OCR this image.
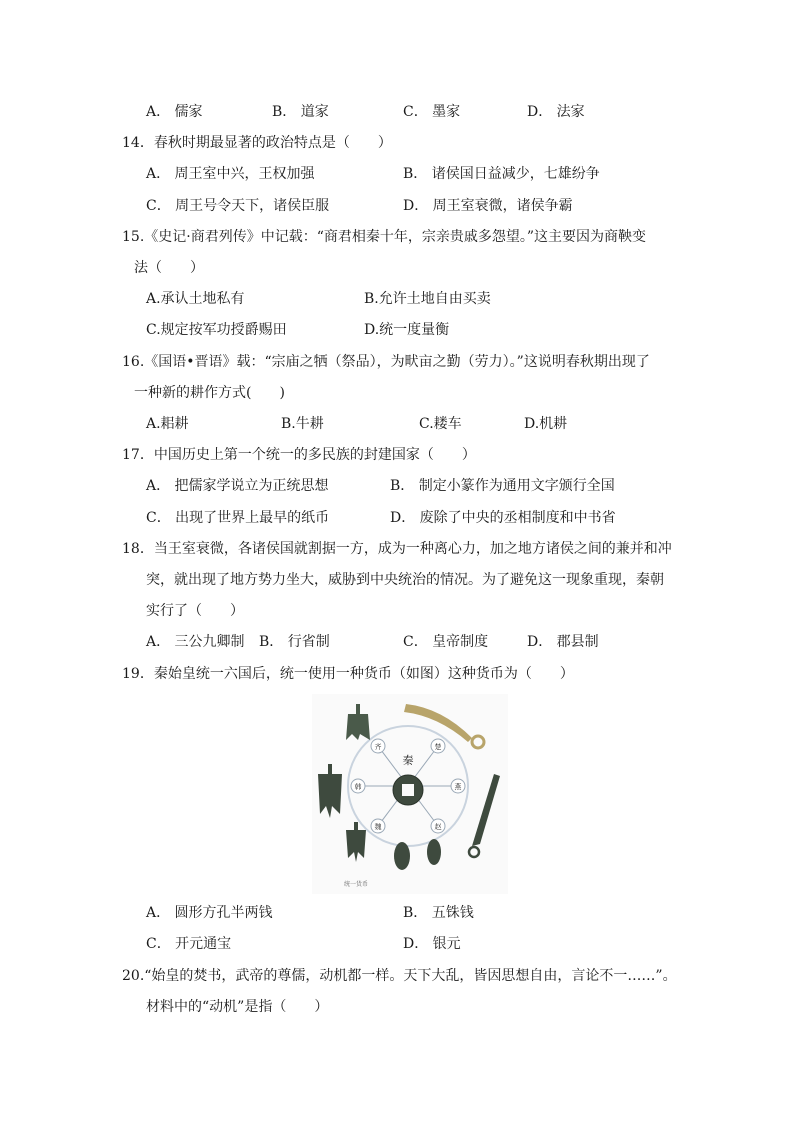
A． 儒家	B． 道家	C． 墨家	D． 法家
14．春秋时期最显著的政治特点是（　　）
A． 周王室中兴，王权加强	B． 诸侯国日益减少，七雄纷争
C． 周王号令天下，诸侯臣服	D． 周王室衰微，诸侯争霸
15.《史记·商君列传》中记载：“商君相秦十年，宗亲贵戚多怨望。”这主要因为商鞅变
法（　　）
A.承认土地私有	B.允许土地自由买卖
C.规定按军功授爵赐田	D.统一度量衡
16.《国语•晋语》载：“宗庙之牺（祭品），为畎亩之勤（劳力）。”这说明春秋期出现了
一种新的耕作方式(　　)
A.耜耕	B.牛耕	C.耧车	D.机耕
17．中国历史上第一个统一的多民族的封建国家（　　）
A． 把儒家学说立为正统思想	B． 制定小篆作为通用文字颁行全国
C． 出现了世界上最早的纸币	D． 废除了中央的丞相制度和中书省
18．当王室衰微，各诸侯国就割据一方，成为一种离心力，加之地方诸侯之间的兼并和冲
突，就出现了地方势力坐大，威胁到中央统治的情况。为了避免这一现象重现，秦朝
实行了（　　）
A． 三公九卿制 B． 行省制	C． 皇帝制度	D． 郡县制
19．秦始皇统一六国后，统一使用一种货币（如图）这种货币为（　　）
齐	楚
燕
赵
魏
韩
秦
统一货币
A． 圆形方孔半两钱	B． 五铢钱
C． 开元通宝	D． 银元
20.“始皇的焚书，武帝的尊儒，动机都一样。天下大乱，皆因思想自由，言论不一……”。
材料中的“动机”是指（　　）
